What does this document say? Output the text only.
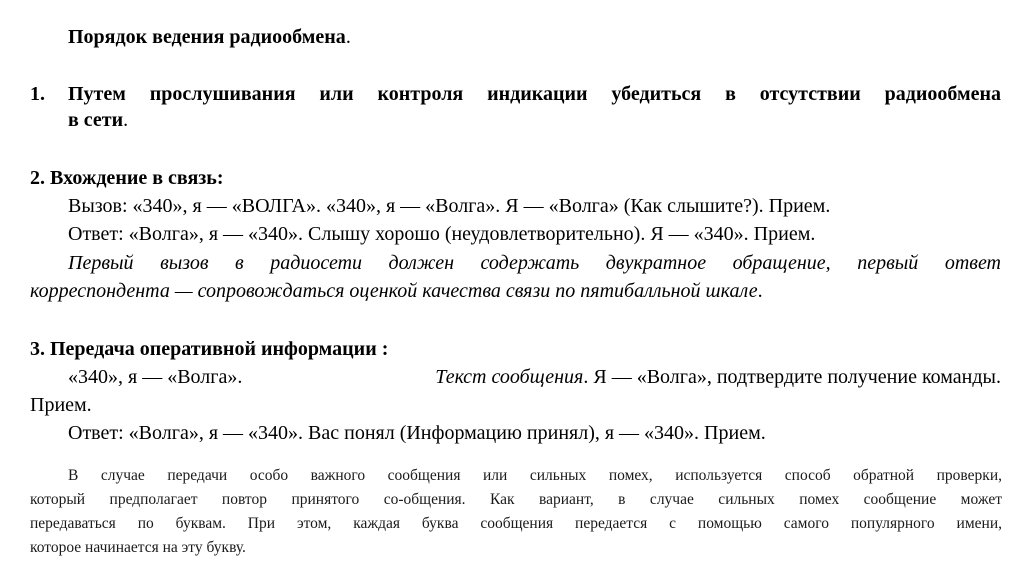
Порядок ведения радиообмена.
1. Путем прослушивания или контроля индикации убедиться в отсутствии радиообмена
в сети.
2. Вхождение в связь:
Вызов: «340», я — «ВОЛГА». «340», я — «Волга». Я — «Волга» (Как слышите?). Прием.
Ответ: «Волга», я — «340». Слышу хорошо (неудовлетворительно). Я — «340». Прием.
Первый вызов в радиосети должен содержать двукратное обращение, первый ответ
корреспондента — сопровождаться оценкой качества связи по пятибалльной шкале.
3. Передача оперативной информации :
«340», я — «Волга».	Текст сообщения. Я — «Волга», подтвердите получение команды.
Прием.
Ответ: «Волга», я — «340». Вас понял (Информацию принял), я — «340». Прием.
В случае передачи особо важного сообщения или сильных помех, используется способ обратной проверки,
который предполагает повтор принятого со-общения. Как вариант, в случае сильных помех сообщение может
передаваться по буквам. При этом, каждая буква сообщения передается с помощью самого популярного имени,
которое начинается на эту букву.
